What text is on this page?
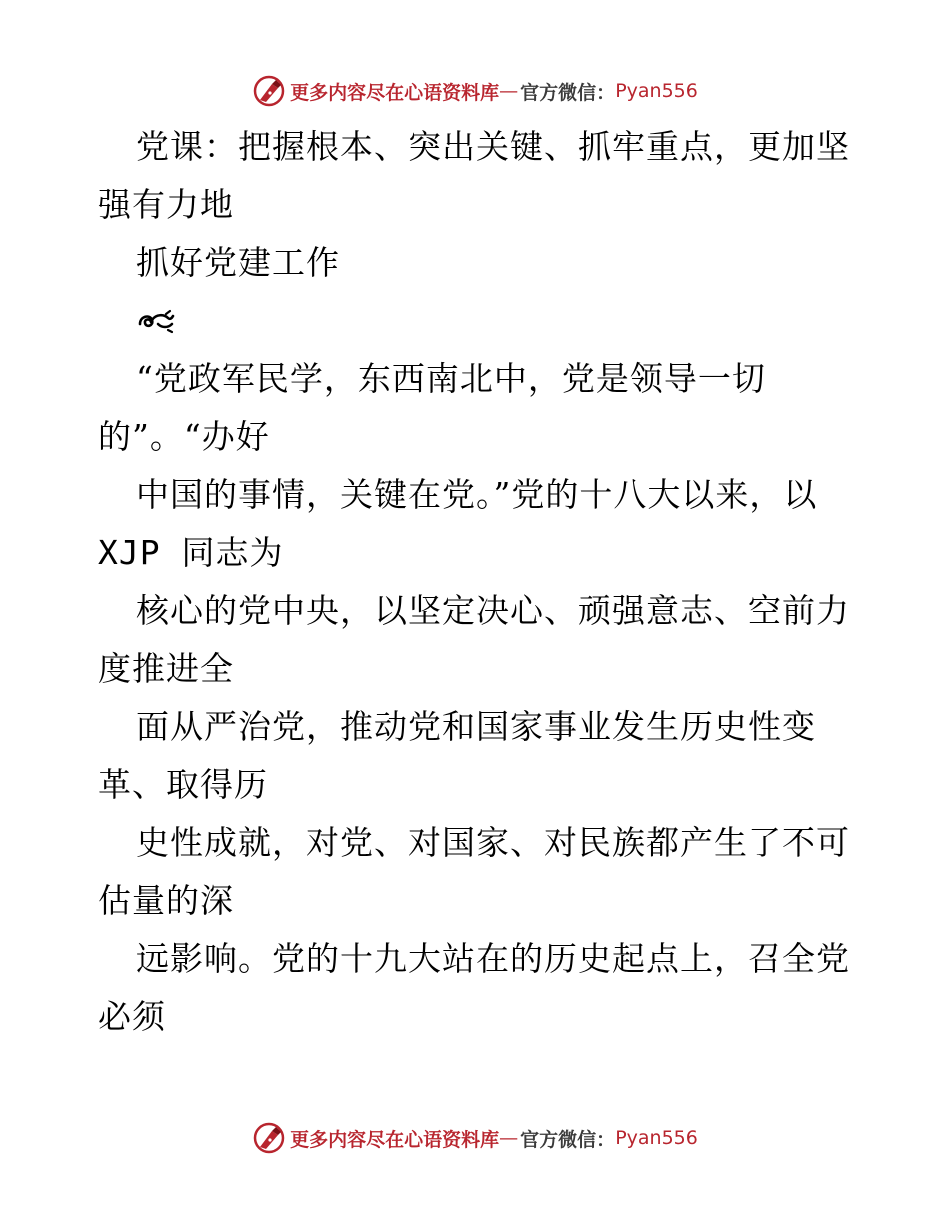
更多内容尽在心语资料库 — 官方微信： Pyan556
党课：把握根本、突出关键、抓牢重点，更加坚
强有力地
抓好党建工作
“党政军民学，东西南北中，党是领导一切
的”。“办好
中国的事情，关键在党。”党的十八大以来，以
XJP 同志为
核心的党中央，以坚定决心、顽强意志、空前力
度推进全
面从严治党，推动党和国家事业发生历史性变
革、取得历
史性成就，对党、对国家、对民族都产生了不可
估量的深
远影响。党的十九大站在的历史起点上，召全党
必须
更多内容尽在心语资料库 — 官方微信： Pyan556
